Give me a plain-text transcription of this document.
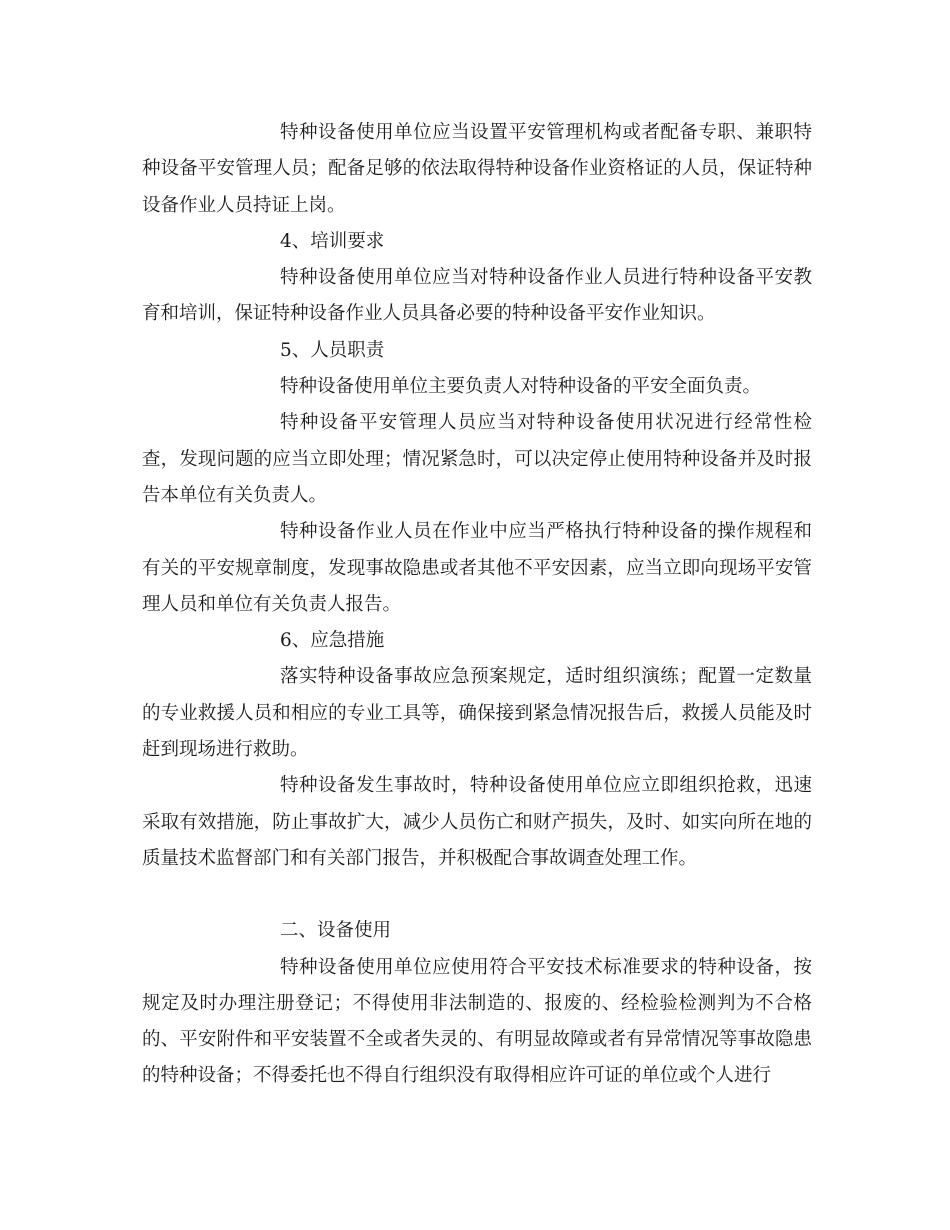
特种设备使用单位应当设置平安管理机构或者配备专职、兼职特种设备平安管理人员；配备足够的依法取得特种设备作业资格证的人员，保证特种设备作业人员持证上岗。

4、培训要求

特种设备使用单位应当对特种设备作业人员进行特种设备平安教育和培训，保证特种设备作业人员具备必要的特种设备平安作业知识。

5、人员职责

特种设备使用单位主要负责人对特种设备的平安全面负责。

特种设备平安管理人员应当对特种设备使用状况进行经常性检查，发现问题的应当立即处理；情况紧急时，可以决定停止使用特种设备并及时报告本单位有关负责人。

特种设备作业人员在作业中应当严格执行特种设备的操作规程和有关的平安规章制度，发现事故隐患或者其他不平安因素，应当立即向现场平安管理人员和单位有关负责人报告。

6、应急措施

落实特种设备事故应急预案规定，适时组织演练；配置一定数量的专业救援人员和相应的专业工具等，确保接到紧急情况报告后，救援人员能及时赶到现场进行救助。

特种设备发生事故时，特种设备使用单位应立即组织抢救，迅速采取有效措施，防止事故扩大，减少人员伤亡和财产损失，及时、如实向所在地的质量技术监督部门和有关部门报告，并积极配合事故调查处理工作。

二、设备使用

特种设备使用单位应使用符合平安技术标准要求的特种设备，按规定及时办理注册登记；不得使用非法制造的、报废的、经检验检测判为不合格的、平安附件和平安装置不全或者失灵的、有明显故障或者有异常情况等事故隐患的特种设备；不得委托也不得自行组织没有取得相应许可证的单位或个人进行
